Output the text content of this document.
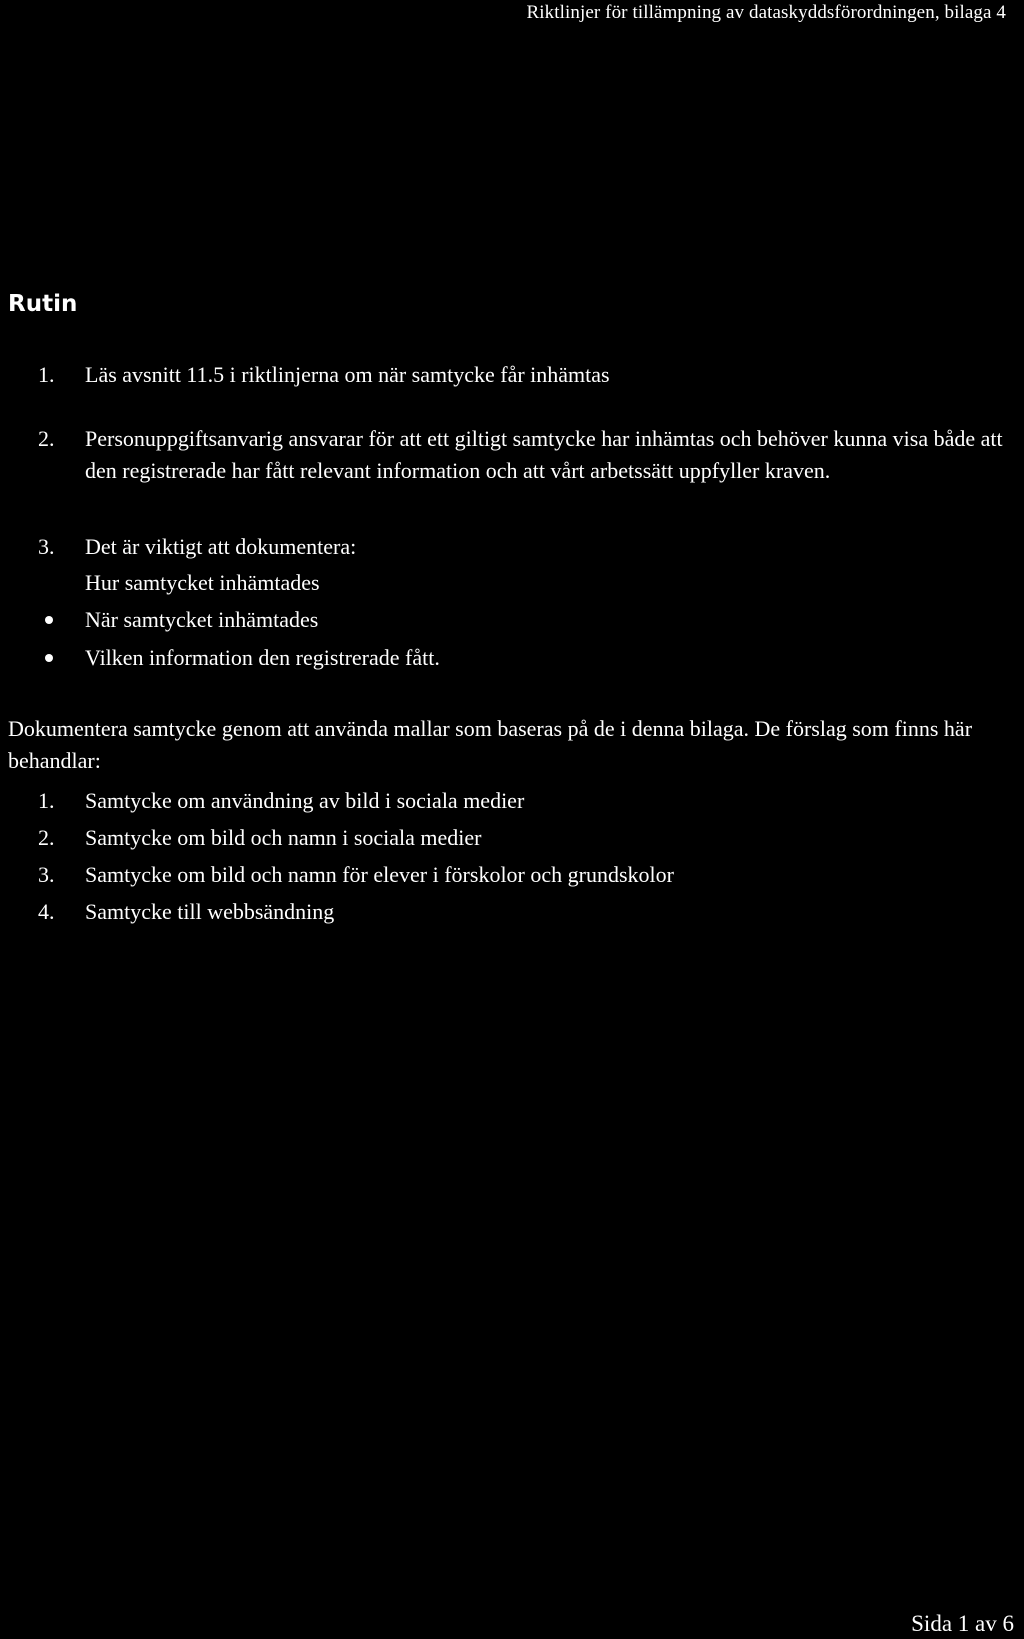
Riktlinjer för tillämpning av dataskyddsförordningen, bilaga 4
Rutin
1.	Läs avsnitt 11.5 i riktlinjerna om när samtycke får inhämtas
2.	Personuppgiftsanvarig ansvarar för att ett giltigt samtycke har inhämtas och behöver kunna visa både att den registrerade har fått relevant information och att vårt arbetssätt uppfyller kraven.
3.	Det är viktigt att dokumentera:
Hur samtycket inhämtades
När samtycket inhämtades
Vilken information den registrerade fått.
Dokumentera samtycke genom att använda mallar som baseras på de i denna bilaga. De förslag som finns här behandlar:
1.	Samtycke om användning av bild i sociala medier
2.	Samtycke om bild och namn i sociala medier
3.	Samtycke om bild och namn för elever i förskolor och grundskolor
4.	Samtycke till webbsändning
Sida 1 av 6
